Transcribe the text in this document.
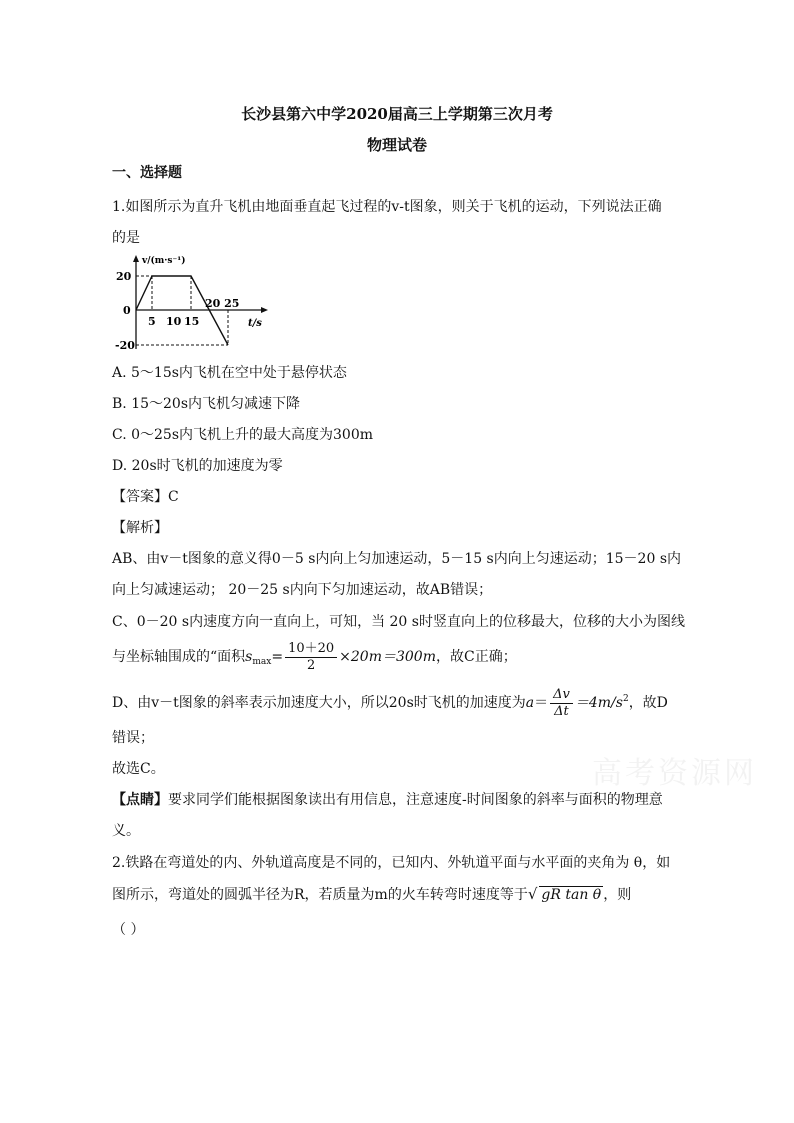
长沙县第六中学2020届高三上学期第三次月考
物理试卷
一、选择题
1.如图所示为直升飞机由地面垂直起飞过程的v-t图象，则关于飞机的运动，下列说法正确
的是
v/(m·s⁻¹)
20
0
-20
5 10 15
20 25
t/s
A. 5～15s内飞机在空中处于悬停状态
B. 15～20s内飞机匀减速下降
C. 0～25s内飞机上升的最大高度为300m
D. 20s时飞机的加速度为零
【答案】C
【解析】
AB、由v－t图象的意义得0－5 s内向上匀加速运动，5－15 s内向上匀速运动；15－20 s内
向上匀减速运动； 20－25 s内向下匀加速运动，故AB错误；
C、0－20 s内速度方向一直向上，可知，当 20 s时竖直向上的位移最大，位移的大小为图线
与坐标轴围成的“面积$s_{max}= \frac{10+20}{2} \times 20m=300m$，故C正确；
D、由v－t图象的斜率表示加速度大小，所以20s时飞机的加速度为$a= \frac{\Delta v}{\Delta t} =4m/s^2$，故D
错误；
故选C。
【点睛】要求同学们能根据图象读出有用信息，注意速度-时间图象的斜率与面积的物理意
义。
2.铁路在弯道处的内、外轨道高度是不同的，已知内、外轨道平面与水平面的夹角为 θ，如
图所示，弯道处的圆弧半径为R，若质量为m的火车转弯时速度等于√ gR tan θ ，则
（ ）
高考资源网
